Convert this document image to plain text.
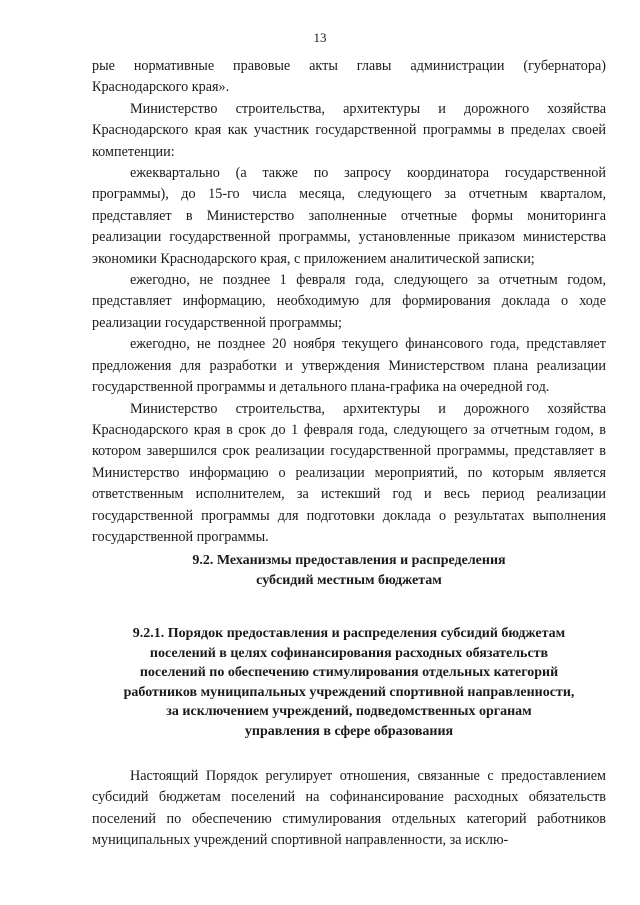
13

рые нормативные правовые акты главы администрации (губернатора) Краснодарского края».

Министерство строительства, архитектуры и дорожного хозяйства Краснодарского края как участник государственной программы в пределах своей компетенции:

ежеквартально (а также по запросу координатора государственной программы), до 15-го числа месяца, следующего за отчетным кварталом, представляет в Министерство заполненные отчетные формы мониторинга реализации государственной программы, установленные приказом министерства экономики Краснодарского края, с приложением аналитической записки;

ежегодно, не позднее 1 февраля года, следующего за отчетным годом, представляет информацию, необходимую для формирования доклада о ходе реализации государственной программы;

ежегодно, не позднее 20 ноября текущего финансового года, представляет предложения для разработки и утверждения Министерством плана реализации государственной программы и детального плана-графика на очередной год.

Министерство строительства, архитектуры и дорожного хозяйства Краснодарского края в срок до 1 февраля года, следующего за отчетным годом, в котором завершился срок реализации государственной программы, представляет в Министерство информацию о реализации мероприятий, по которым является ответственным исполнителем, за истекший год и весь период реализации государственной программы для подготовки доклада о результатах выполнения государственной программы.

9.2. Механизмы предоставления и распределения
субсидий местным бюджетам
9.2.1. Порядок предоставления и распределения субсидий бюджетам
поселений в целях софинансирования расходных обязательств
поселений по обеспечению стимулирования отдельных категорий
работников муниципальных учреждений спортивной направленности,
за исключением учреждений, подведомственных органам
управления в сфере образования

Настоящий Порядок регулирует отношения, связанные с предоставлением субсидий бюджетам поселений на софинансирование расходных обязательств поселений по обеспечению стимулирования отдельных категорий работников муниципальных учреждений спортивной направленности, за исклю-
